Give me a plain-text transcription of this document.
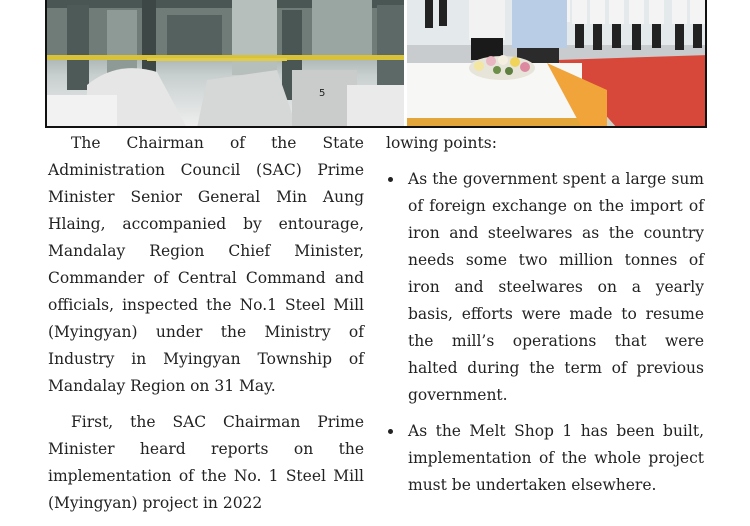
5

The Chairman of the State Administration Council (SAC) Prime Minister Senior General Min Aung Hlaing, accompanied by entourage, Mandalay Region Chief Minister, Commander of Central Command and officials, inspected the No.1 Steel Mill (Myingyan) under the Ministry of Industry in Myingyan Township of Mandalay Region on 31 May.

First, the SAC Chairman Prime Minister heard reports on the implementation of the No. 1 Steel Mill (Myingyan) project in 2022

lowing points:

As the government spent a large sum of foreign exchange on the import of iron and steelwares as the country needs some two million tonnes of iron and steelwares on a yearly basis, efforts were made to resume the mill’s operations that were halted during the term of previous government.
As the Melt Shop 1 has been built, implementation of the whole project must be undertaken elsewhere.
